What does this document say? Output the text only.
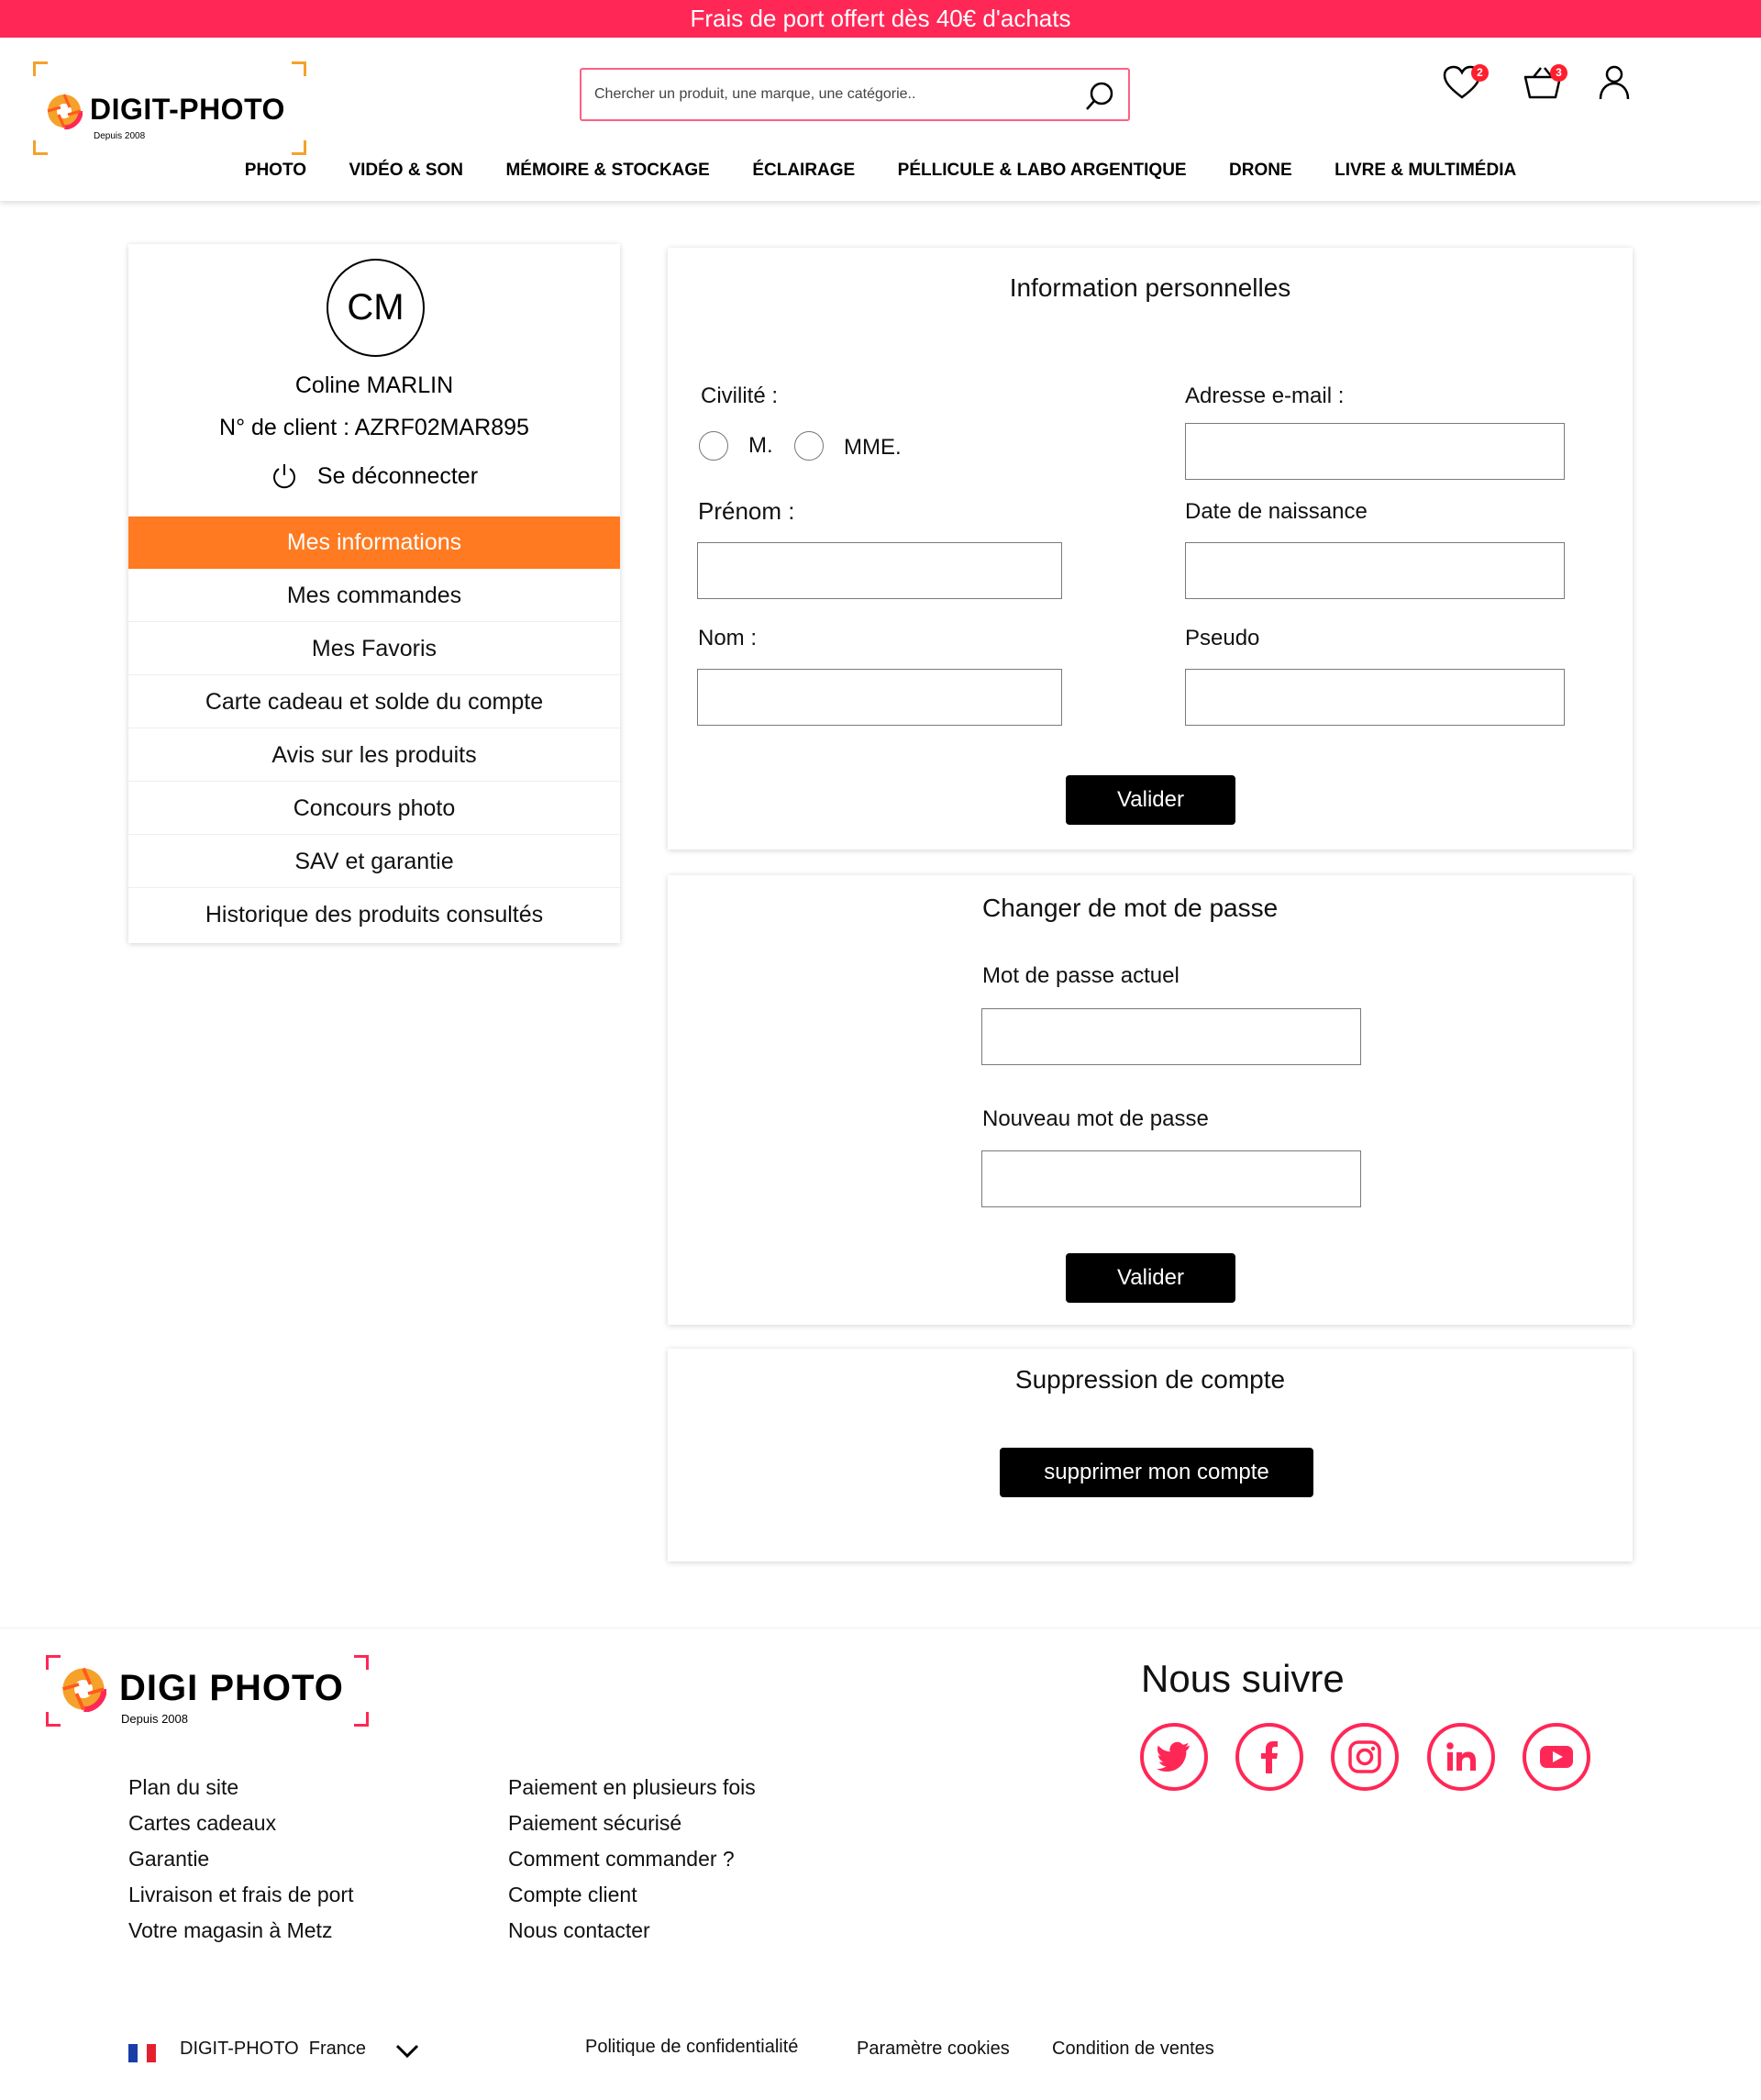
Frais de port offert dès 40€ d'achats
DIGIT-PHOTO
Depuis 2008
Chercher un produit, une marque, une catégorie..
2	3
PHOTO VIDÉO & SON MÉMOIRE & STOCKAGE ÉCLAIRAGE PÉLLICULE & LABO ARGENTIQUE DRONE LIVRE & MULTIMÉDIA
CM
Coline MARLIN
N° de client : AZRF02MAR895
Se déconnecter
Mes informations
Mes commandes
Mes Favoris
Carte cadeau et solde du compte
Avis sur les produits
Concours photo
SAV et garantie
Historique des produits consultés
Information personnelles
Civilité :
M.	MME.
Adresse e-mail :
Prénom :	Date de naissance
Nom :	Pseudo
Valider
Changer de mot de passe
Mot de passe actuel
Nouveau mot de passe
Valider
Suppression de compte
supprimer mon compte
DIGI PHOTO
Depuis 2008
Plan du site
Cartes cadeaux
Garantie
Livraison et frais de port
Votre magasin à Metz
Paiement en plusieurs fois
Paiement sécurisé
Comment commander ?
Compte client
Nous contacter
Nous suivre
DIGIT-PHOTO France	Politique de confidentialité	Paramètre cookies Condition de ventes
